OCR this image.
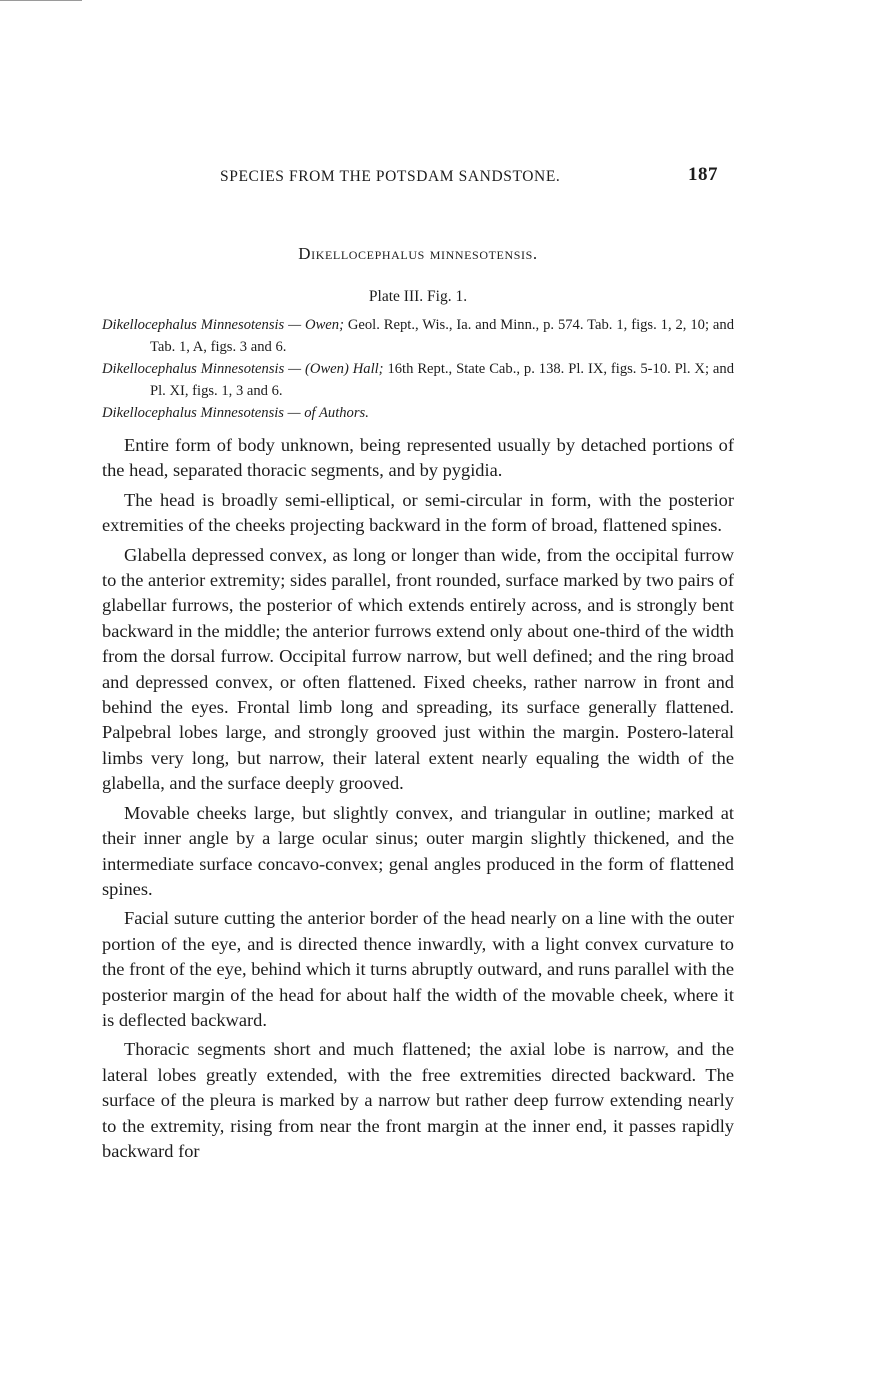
SPECIES FROM THE POTSDAM SANDSTONE.	187
Dikellocephalus minnesotensis.
Plate III. Fig. 1.
Dikellocephalus Minnesotensis — Owen; Geol. Rept., Wis., Ia. and Minn., p. 574. Tab. 1, figs. 1, 2, 10; and Tab. 1, A, figs. 3 and 6.
Dikellocephalus Minnesotensis — (Owen) Hall; 16th Rept., State Cab., p. 138. Pl. IX, figs. 5-10. Pl. X; and Pl. XI, figs. 1, 3 and 6.
Dikellocephalus Minnesotensis — of Authors.

Entire form of body unknown, being represented usually by detached portions of the head, separated thoracic segments, and by pygidia.

The head is broadly semi-elliptical, or semi-circular in form, with the posterior extremities of the cheeks projecting backward in the form of broad, flattened spines.

Glabella depressed convex, as long or longer than wide, from the occipital furrow to the anterior extremity; sides parallel, front rounded, surface marked by two pairs of glabellar furrows, the posterior of which extends entirely across, and is strongly bent backward in the middle; the anterior furrows extend only about one-third of the width from the dorsal furrow. Occipital furrow narrow, but well defined; and the ring broad and depressed convex, or often flattened. Fixed cheeks, rather narrow in front and behind the eyes. Frontal limb long and spreading, its surface generally flattened. Palpebral lobes large, and strongly grooved just within the margin. Postero-lateral limbs very long, but narrow, their lateral extent nearly equaling the width of the glabella, and the surface deeply grooved.

Movable cheeks large, but slightly convex, and triangular in outline; marked at their inner angle by a large ocular sinus; outer margin slightly thickened, and the intermediate surface concavo-convex; genal angles produced in the form of flattened spines.

Facial suture cutting the anterior border of the head nearly on a line with the outer portion of the eye, and is directed thence inwardly, with a light convex curvature to the front of the eye, behind which it turns abruptly outward, and runs parallel with the posterior margin of the head for about half the width of the movable cheek, where it is deflected backward.

Thoracic segments short and much flattened; the axial lobe is narrow, and the lateral lobes greatly extended, with the free extremities directed backward. The surface of the pleura is marked by a narrow but rather deep furrow extending nearly to the extremity, rising from near the front margin at the inner end, it passes rapidly backward for
